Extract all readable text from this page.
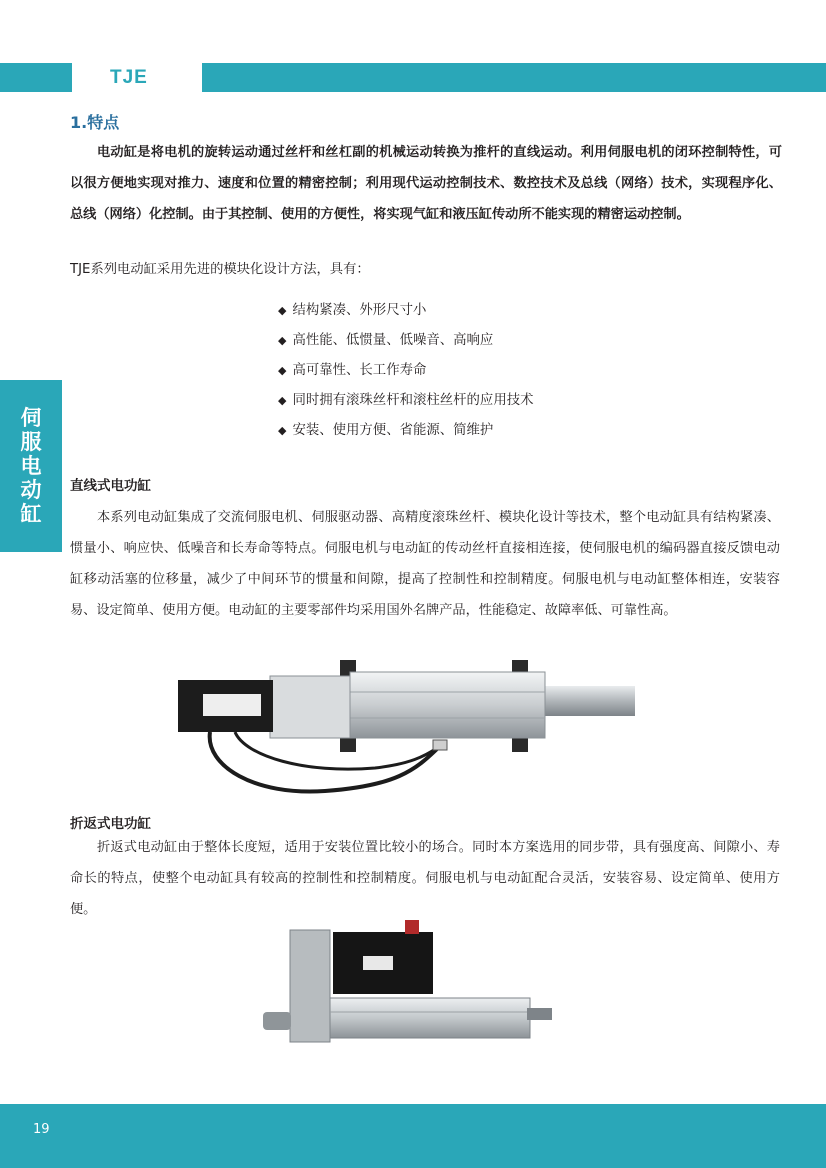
TJE
伺
服
电
动
缸
1.特点
电动缸是将电机的旋转运动通过丝杆和丝杠副的机械运动转换为推杆的直线运动。利用伺服电机的闭环控制特性，可以很方便地实现对推力、速度和位置的精密控制；利用现代运动控制技术、数控技术及总线（网络）技术，实现程序化、总线（网络）化控制。由于其控制、使用的方便性，将实现气缸和液压缸传动所不能实现的精密运动控制。
TJE系列电动缸采用先进的模块化设计方法，具有：
◆ 结构紧凑、外形尺寸小
◆ 高性能、低惯量、低噪音、高响应
◆ 高可靠性、长工作寿命
◆ 同时拥有滚珠丝杆和滚柱丝杆的应用技术
◆ 安装、使用方便、省能源、简维护
直线式电功缸
本系列电动缸集成了交流伺服电机、伺服驱动器、高精度滚珠丝杆、模块化设计等技术，整个电动缸具有结构紧凑、惯量小、响应快、低噪音和长寿命等特点。伺服电机与电动缸的传动丝杆直接相连接，使伺服电机的编码器直接反馈电动缸移动活塞的位移量，减少了中间环节的惯量和间隙，提高了控制性和控制精度。伺服电机与电动缸整体相连，安装容易、设定简单、使用方便。电动缸的主要零部件均采用国外名牌产品，性能稳定、故障率低、可靠性高。
折返式电功缸
折返式电动缸由于整体长度短，适用于安装位置比较小的场合。同时本方案选用的同步带，具有强度高、间隙小、寿命长的特点，使整个电动缸具有较高的控制性和控制精度。伺服电机与电动缸配合灵活，安装容易、设定简单、使用方便。
19
